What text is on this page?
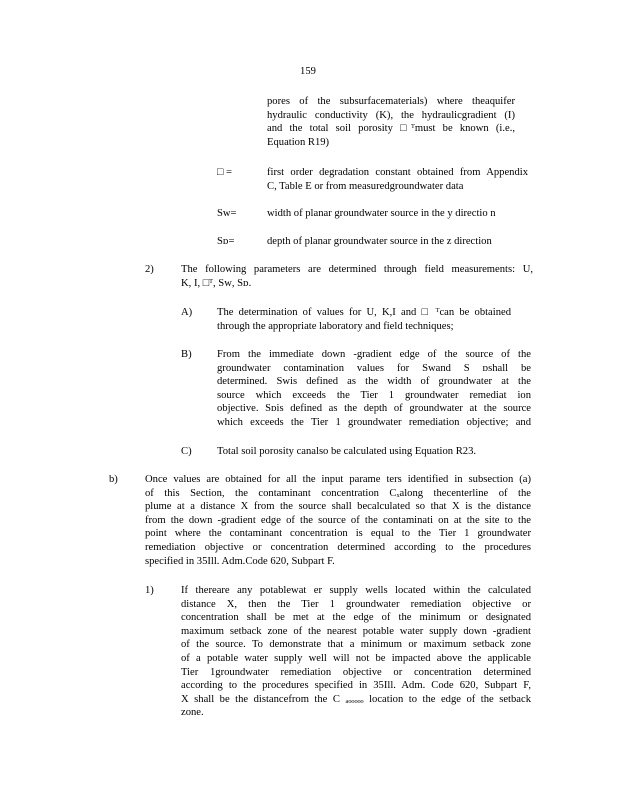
159
pores of the subsurfacematerials) where theaquifer
hydraulic conductivity (K), the hydraulicgradient (I)
and the total soil porosity □ᵀmust be known (i.e.,
Equation R19)
□ =	first order degradation constant obtained from Appendix
C, Table E or from measuredgroundwater data
Sᴡ=	width of planar groundwater source in the y directio n
Sᴅ=	depth of planar groundwater source in the z direction
2)	The following parameters are determined through field measurements: U,
K, I, □ᵀ, Sᴡ, Sᴅ.
A) The determination of values for U, K,I and □ ᵀcan be obtained
through the appropriate laboratory and field techniques;
B) From the immediate down -gradient edge of the source of the
groundwater contamination values for Sᴡand S ᴅshall be
determined. Sᴡis defined as the width of groundwater at the
source which exceeds the Tier 1 groundwater remediat ion
objective. Sᴅis defined as the depth of groundwater at the source
which exceeds the Tier 1 groundwater remediation objective; and
C) Total soil porosity canalso be calculated using Equation R23.
b)	Once values are obtained for all the input parame ters identified in subsection (a)
of this Section, the contaminant concentration Cₓalong thecenterline of the
plume at a distance X from the source shall becalculated so that X is the distance
from the down -gradient edge of the source of the contaminati on at the site to the
point where the contaminant concentration is equal to the Tier 1 groundwater
remediation objective or concentration determined according to the procedures
specified in 35Ill. Adm.Code 620, Subpart F.
1)	If thereare any potablewat er supply wells located within the calculated
distance X, then the Tier 1 groundwater remediation objective or
concentration shall be met at the edge of the minimum or designated
maximum setback zone of the nearest potable water supply down -gradient
of the source. To demonstrate that a minimum or maximum setback zone
of a potable water supply well will not be impacted above the applicable
Tier 1groundwater remediation objective or concentration determined
according to the procedures specified in 35Ill. Adm. Code 620, Subpart F,
X shall be the distancefrom the C ₐₒₒₒₒₒ location to the edge of the setback
zone.
